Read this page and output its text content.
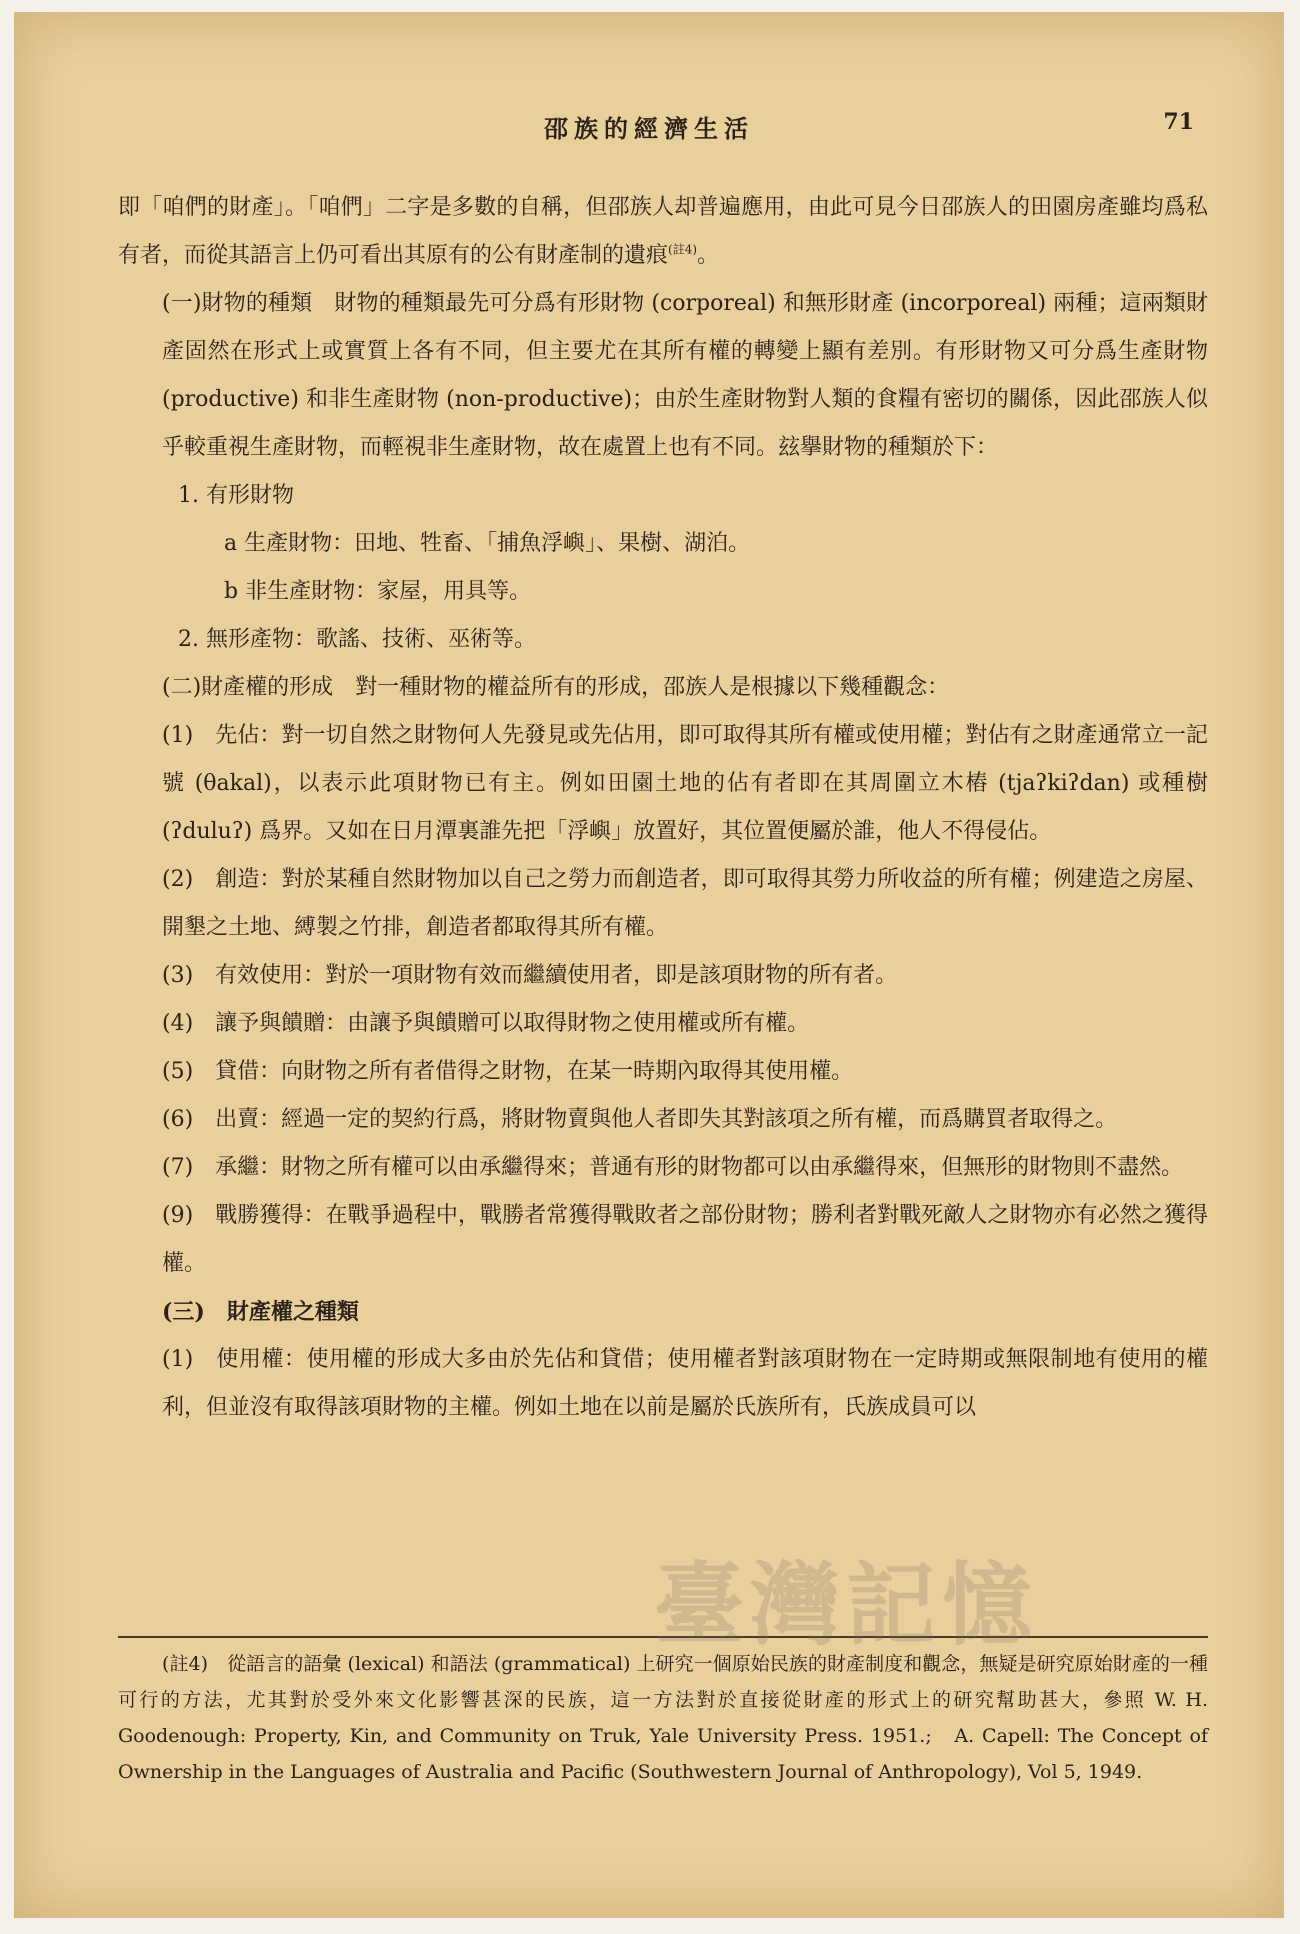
邵族的經濟生活	71

即「咱們的財產」。「咱們」二字是多數的自稱，但邵族人却普遍應用，由此可見今日邵族人的田園房產雖均爲私有者，而從其語言上仍可看出其原有的公有財產制的遺痕$^{(註4)}$。

(一)財物的種類　財物的種類最先可分爲有形財物 (corporeal) 和無形財產 (incorporeal) 兩種；這兩類財產固然在形式上或實質上各有不同，但主要尤在其所有權的轉變上顯有差別。有形財物又可分爲生產財物 (productive) 和非生產財物 (non-productive)；由於生產財物對人類的食糧有密切的關係，因此邵族人似乎較重視生產財物，而輕視非生產財物，故在處置上也有不同。玆擧財物的種類於下：

1. 有形財物

a 生產財物：田地、牲畜、「捕魚浮嶼」、果樹、湖泊。

b 非生產財物：家屋，用具等。

2. 無形產物：歌謠、技術、巫術等。

(二)財產權的形成　對一種財物的權益所有的形成，邵族人是根據以下幾種觀念：

(1)　先佔：對一切自然之財物何人先發見或先佔用，即可取得其所有權或使用權；對佔有之財產通常立一記號 (θakal)，以表示此項財物已有主。例如田園土地的佔有者即在其周圍立木樁 (tjaʔkiʔdan) 或種樹 (ʔduluʔ) 爲界。又如在日月潭裏誰先把「浮嶼」放置好，其位置便屬於誰，他人不得侵佔。

(2)　創造：對於某種自然財物加以自己之勞力而創造者，即可取得其勞力所收益的所有權；例建造之房屋、開墾之土地、縛製之竹排，創造者都取得其所有權。

(3)　有效使用：對於一項財物有效而繼續使用者，即是該項財物的所有者。

(4)　讓予與饋贈：由讓予與饋贈可以取得財物之使用權或所有權。

(5)　貸借：向財物之所有者借得之財物，在某一時期內取得其使用權。

(6)　出賣：經過一定的契約行爲，將財物賣與他人者即失其對該項之所有權，而爲購買者取得之。

(7)　承繼：財物之所有權可以由承繼得來；普通有形的財物都可以由承繼得來，但無形的財物則不盡然。

(9)　戰勝獲得：在戰爭過程中，戰勝者常獲得戰敗者之部份財物；勝利者對戰死敵人之財物亦有必然之獲得權。

(三)　財產權之種類

(1)　使用權：使用權的形成大多由於先佔和貸借；使用權者對該項財物在一定時期或無限制地有使用的權利，但並沒有取得該項財物的主權。例如土地在以前是屬於氏族所有，氏族成員可以

(註4)　從語言的語彙 (lexical) 和語法 (grammatical) 上研究一個原始民族的財產制度和觀念，無疑是研究原始財產的一種可行的方法，尤其對於受外來文化影響甚深的民族，這一方法對於直接從財產的形式上的研究幫助甚大，參照 W. H. Goodenough: Property, Kin, and Community on Truk, Yale University Press. 1951.;　A. Capell: The Concept of Ownership in the Languages of Australia and Pacific (Southwestern Journal of Anthropology), Vol 5, 1949.

臺灣記憶
